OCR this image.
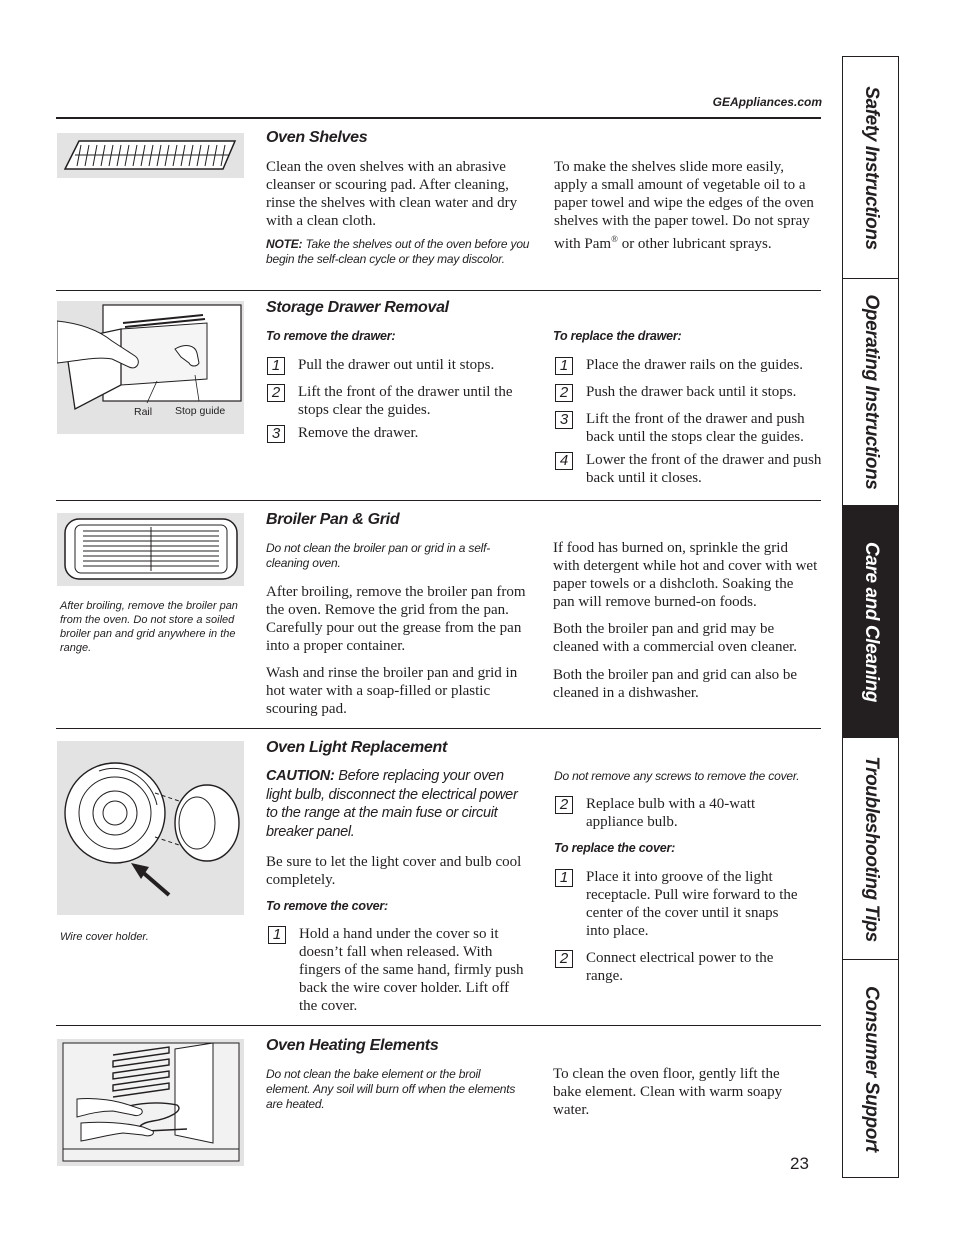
GEAppliances.com
Oven Shelves
Clean the oven shelves with an abrasive cleanser or scouring pad. After cleaning, rinse the shelves with clean water and dry with a clean cloth.
NOTE: Take the shelves out of the oven before you begin the self-clean cycle or they may discolor.
To make the shelves slide more easily, apply a small amount of vegetable oil to a paper towel and wipe the edges of the oven shelves with the paper towel. Do not spray with Pam® or other lubricant sprays.
Rail Stop guide
Storage Drawer Removal
To remove the drawer:
1	Pull the drawer out until it stops.
2	Lift the front of the drawer until the stops clear the guides.
3	Remove the drawer.
To replace the drawer:
1	Place the drawer rails on the guides.
2	Push the drawer back until it stops.
3	Lift the front of the drawer and push back until the stops clear the guides.
4	Lower the front of the drawer and push back until it closes.
After broiling, remove the broiler pan from the oven. Do not store a soiled broiler pan and grid anywhere in the range.
Broiler Pan & Grid
Do not clean the broiler pan or grid in a self-cleaning oven.
After broiling, remove the broiler pan from the oven. Remove the grid from the pan. Carefully pour out the grease from the pan into a proper container.
Wash and rinse the broiler pan and grid in hot water with a soap-filled or plastic scouring pad.
If food has burned on, sprinkle the grid with detergent while hot and cover with wet paper towels or a dishcloth. Soaking the pan will remove burned-on foods.
Both the broiler pan and grid may be cleaned with a commercial oven cleaner.
Both the broiler pan and grid can also be cleaned in a dishwasher.
Wire cover holder.
Oven Light Replacement
CAUTION: Before replacing your oven light bulb, disconnect the electrical power to the range at the main fuse or circuit breaker panel.
Be sure to let the light cover and bulb cool completely.
To remove the cover:
1	Hold a hand under the cover so it doesn’t fall when released. With fingers of the same hand, firmly push back the wire cover holder. Lift off the cover.
Do not remove any screws to remove the cover.
2	Replace bulb with a 40-watt appliance bulb.
To replace the cover:
1	Place it into groove of the light receptacle. Pull wire forward to the center of the cover until it snaps into place.
2	Connect electrical power to the range.
Oven Heating Elements
Do not clean the bake element or the broil element. Any soil will burn off when the elements are heated.
To clean the oven floor, gently lift the bake element. Clean with warm soapy water.
23
Safety Instructions
Operating Instructions
Care and Cleaning
Troubleshooting Tips
Consumer Support
